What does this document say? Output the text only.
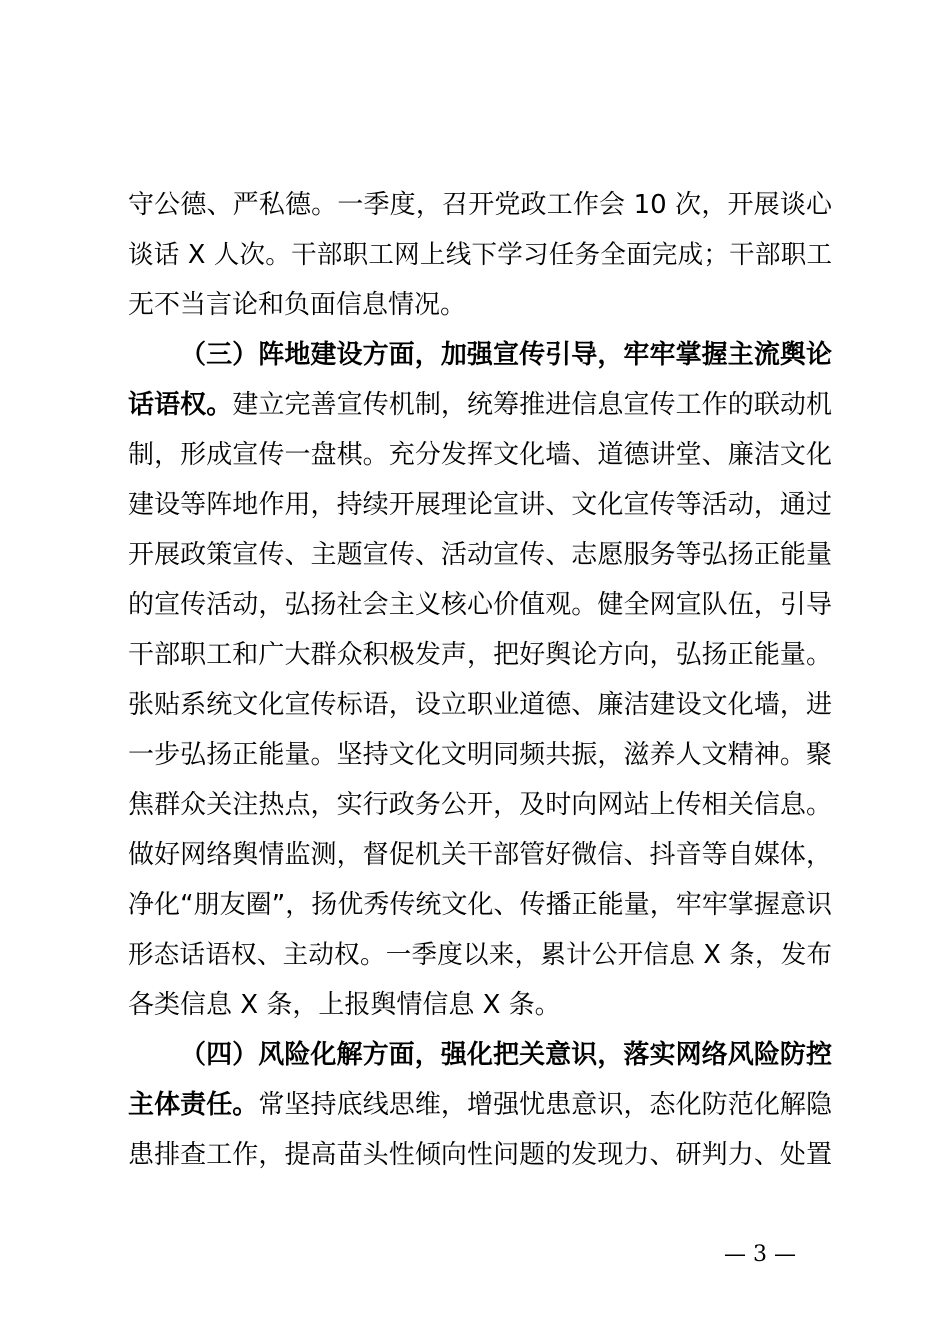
守公德、严私德。一季度，召开党政工作会 10 次，开展谈心
谈话 X 人次。干部职工网上线下学习任务全面完成；干部职工
无不当言论和负面信息情况。
（三）阵地建设方面，加强宣传引导，牢牢掌握主流舆论
话语权。建立完善宣传机制，统筹推进信息宣传工作的联动机
制，形成宣传一盘棋。充分发挥文化墙、道德讲堂、廉洁文化
建设等阵地作用，持续开展理论宣讲、文化宣传等活动，通过
开展政策宣传、主题宣传、活动宣传、志愿服务等弘扬正能量
的宣传活动，弘扬社会主义核心价值观。健全网宣队伍，引导
干部职工和广大群众积极发声，把好舆论方向，弘扬正能量。
张贴系统文化宣传标语，设立职业道德、廉洁建设文化墙，进
一步弘扬正能量。坚持文化文明同频共振，滋养人文精神。聚
焦群众关注热点，实行政务公开，及时向网站上传相关信息。
做好网络舆情监测，督促机关干部管好微信、抖音等自媒体，
净化“朋友圈”，扬优秀传统文化、传播正能量，牢牢掌握意识
形态话语权、主动权。一季度以来，累计公开信息 X 条，发布
各类信息 X 条，上报舆情信息 X 条。
（四）风险化解方面，强化把关意识，落实网络风险防控
主体责任。常坚持底线思维，增强忧患意识，态化防范化解隐
患排查工作，提高苗头性倾向性问题的发现力、研判力、处置
— 3 —
